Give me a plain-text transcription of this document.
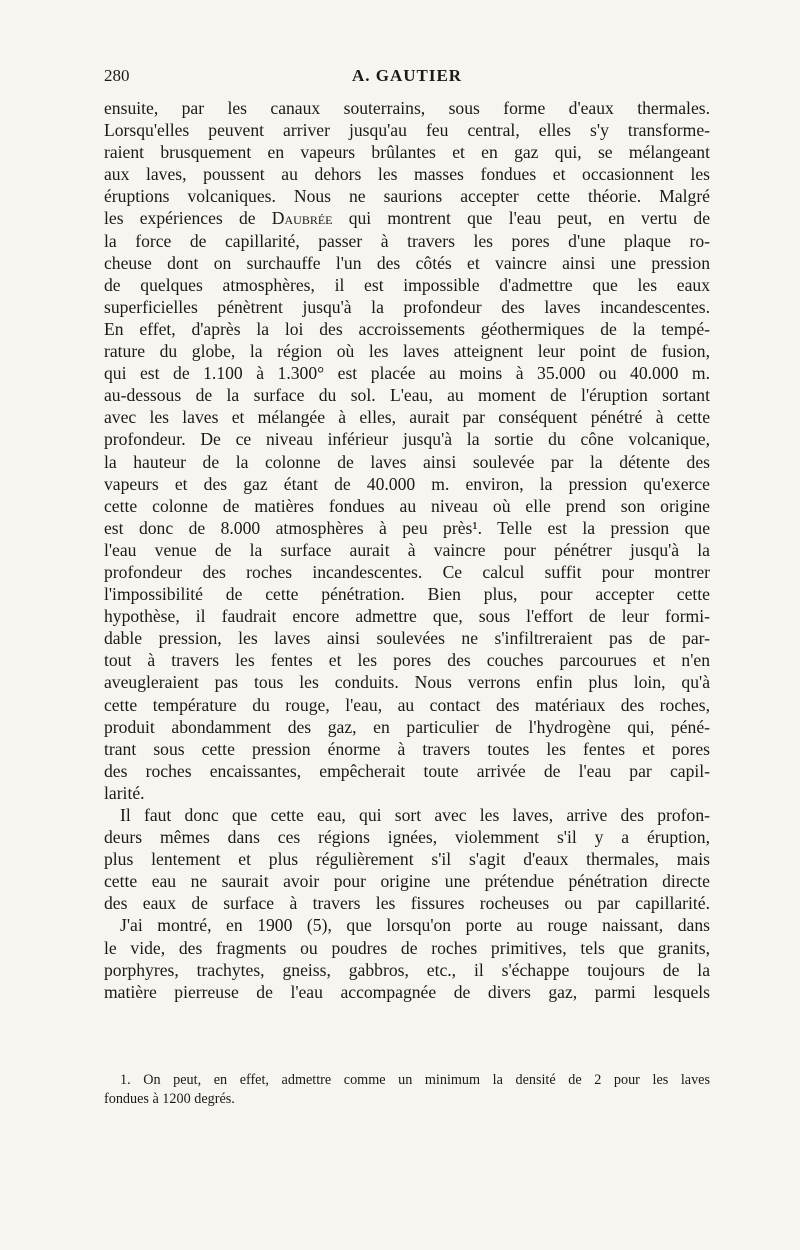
280	A. GAUTIER
ensuite, par les canaux souterrains, sous forme d'eaux thermales.
Lorsqu'elles peuvent arriver jusqu'au feu central, elles s'y transforme-
raient brusquement en vapeurs brûlantes et en gaz qui, se mélangeant
aux laves, poussent au dehors les masses fondues et occasionnent les
éruptions volcaniques. Nous ne saurions accepter cette théorie. Malgré
les expériences de Daubrée qui montrent que l'eau peut, en vertu de
la force de capillarité, passer à travers les pores d'une plaque ro-
cheuse dont on surchauffe l'un des côtés et vaincre ainsi une pression
de quelques atmosphères, il est impossible d'admettre que les eaux
superficielles pénètrent jusqu'à la profondeur des laves incandescentes.
En effet, d'après la loi des accroissements géothermiques de la tempé-
rature du globe, la région où les laves atteignent leur point de fusion,
qui est de 1.100 à 1.300° est placée au moins à 35.000 ou 40.000 m.
au-dessous de la surface du sol. L'eau, au moment de l'éruption sortant
avec les laves et mélangée à elles, aurait par conséquent pénétré à cette
profondeur. De ce niveau inférieur jusqu'à la sortie du cône volcanique,
la hauteur de la colonne de laves ainsi soulevée par la détente des
vapeurs et des gaz étant de 40.000 m. environ, la pression qu'exerce
cette colonne de matières fondues au niveau où elle prend son origine
est donc de 8.000 atmosphères à peu près¹. Telle est la pression que
l'eau venue de la surface aurait à vaincre pour pénétrer jusqu'à la
profondeur des roches incandescentes. Ce calcul suffit pour montrer
l'impossibilité de cette pénétration. Bien plus, pour accepter cette
hypothèse, il faudrait encore admettre que, sous l'effort de leur formi-
dable pression, les laves ainsi soulevées ne s'infiltreraient pas de par-
tout à travers les fentes et les pores des couches parcourues et n'en
aveugleraient pas tous les conduits. Nous verrons enfin plus loin, qu'à
cette température du rouge, l'eau, au contact des matériaux des roches,
produit abondamment des gaz, en particulier de l'hydrogène qui, péné-
trant sous cette pression énorme à travers toutes les fentes et pores
des roches encaissantes, empêcherait toute arrivée de l'eau par capil-
larité.
Il faut donc que cette eau, qui sort avec les laves, arrive des profon-
deurs mêmes dans ces régions ignées, violemment s'il y a éruption,
plus lentement et plus régulièrement s'il s'agit d'eaux thermales, mais
cette eau ne saurait avoir pour origine une prétendue pénétration directe
des eaux de surface à travers les fissures rocheuses ou par capillarité.
J'ai montré, en 1900 (5), que lorsqu'on porte au rouge naissant, dans
le vide, des fragments ou poudres de roches primitives, tels que granits,
porphyres, trachytes, gneiss, gabbros, etc., il s'échappe toujours de la
matière pierreuse de l'eau accompagnée de divers gaz, parmi lesquels
1. On peut, en effet, admettre comme un minimum la densité de 2 pour les laves
fondues à 1200 degrés.
